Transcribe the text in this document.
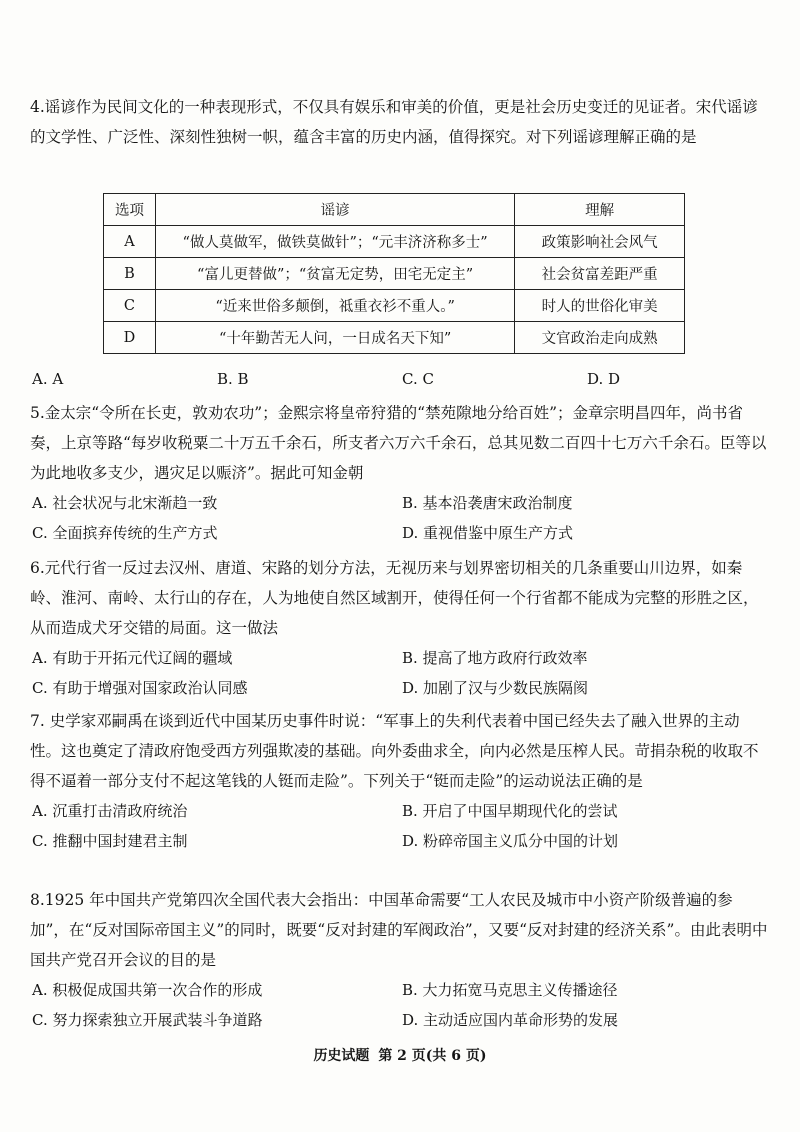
4.谣谚作为民间文化的一种表现形式，不仅具有娱乐和审美的价值，更是社会历史变迁的见证者。宋代谣谚的文学性、广泛性、深刻性独树一帜，蕴含丰富的历史内涵，值得探究。对下列谣谚理解正确的是

选项	谣谚	理解
A	“做人莫做军，做铁莫做针”；“元丰济济称多士”	政策影响社会风气
B	“富儿更替做”；“贫富无定势，田宅无定主”	社会贫富差距严重
C	“近来世俗多颠倒，祗重衣衫不重人。”	时人的世俗化审美
D	“十年勤苦无人问，一日成名天下知”	文官政治走向成熟
A. A	B. B	C. C	D. D

5.金太宗“令所在长吏，敦劝农功”；金熙宗将皇帝狩猎的“禁苑隙地分给百姓”；金章宗明昌四年，尚书省奏，上京等路“每岁收税粟二十万五千余石，所支者六万六千余石，总其见数二百四十七万六千余石。臣等以为此地收多支少，遇灾足以赈济”。据此可知金朝

A. 社会状况与北宋渐趋一致	B. 基本沿袭唐宋政治制度
C. 全面摈弃传统的生产方式	D. 重视借鉴中原生产方式

6.元代行省一反过去汉州、唐道、宋路的划分方法，无视历来与划界密切相关的几条重要山川边界，如秦岭、淮河、南岭、太行山的存在，人为地使自然区域割开，使得任何一个行省都不能成为完整的形胜之区，从而造成犬牙交错的局面。这一做法

A. 有助于开拓元代辽阔的疆域	B. 提高了地方政府行政效率
C. 有助于增强对国家政治认同感	D. 加剧了汉与少数民族隔阂

7. 史学家邓嗣禹在谈到近代中国某历史事件时说：“军事上的失利代表着中国已经失去了融入世界的主动性。这也奠定了清政府饱受西方列强欺凌的基础。向外委曲求全，向内必然是压榨人民。苛捐杂税的收取不得不逼着一部分支付不起这笔钱的人铤而走险”。下列关于“铤而走险”的运动说法正确的是

A. 沉重打击清政府统治	B. 开启了中国早期现代化的尝试
C. 推翻中国封建君主制	D. 粉碎帝国主义瓜分中国的计划

8.1925 年中国共产党第四次全国代表大会指出：中国革命需要“工人农民及城市中小资产阶级普遍的参加”，在“反对国际帝国主义”的同时，既要“反对封建的军阀政治”，又要“反对封建的经济关系”。由此表明中国共产党召开会议的目的是

A. 积极促成国共第一次合作的形成	B. 大力拓宽马克思主义传播途径
C. 努力探索独立开展武装斗争道路	D. 主动适应国内革命形势的发展
历史试题 第 2 页(共 6 页)
